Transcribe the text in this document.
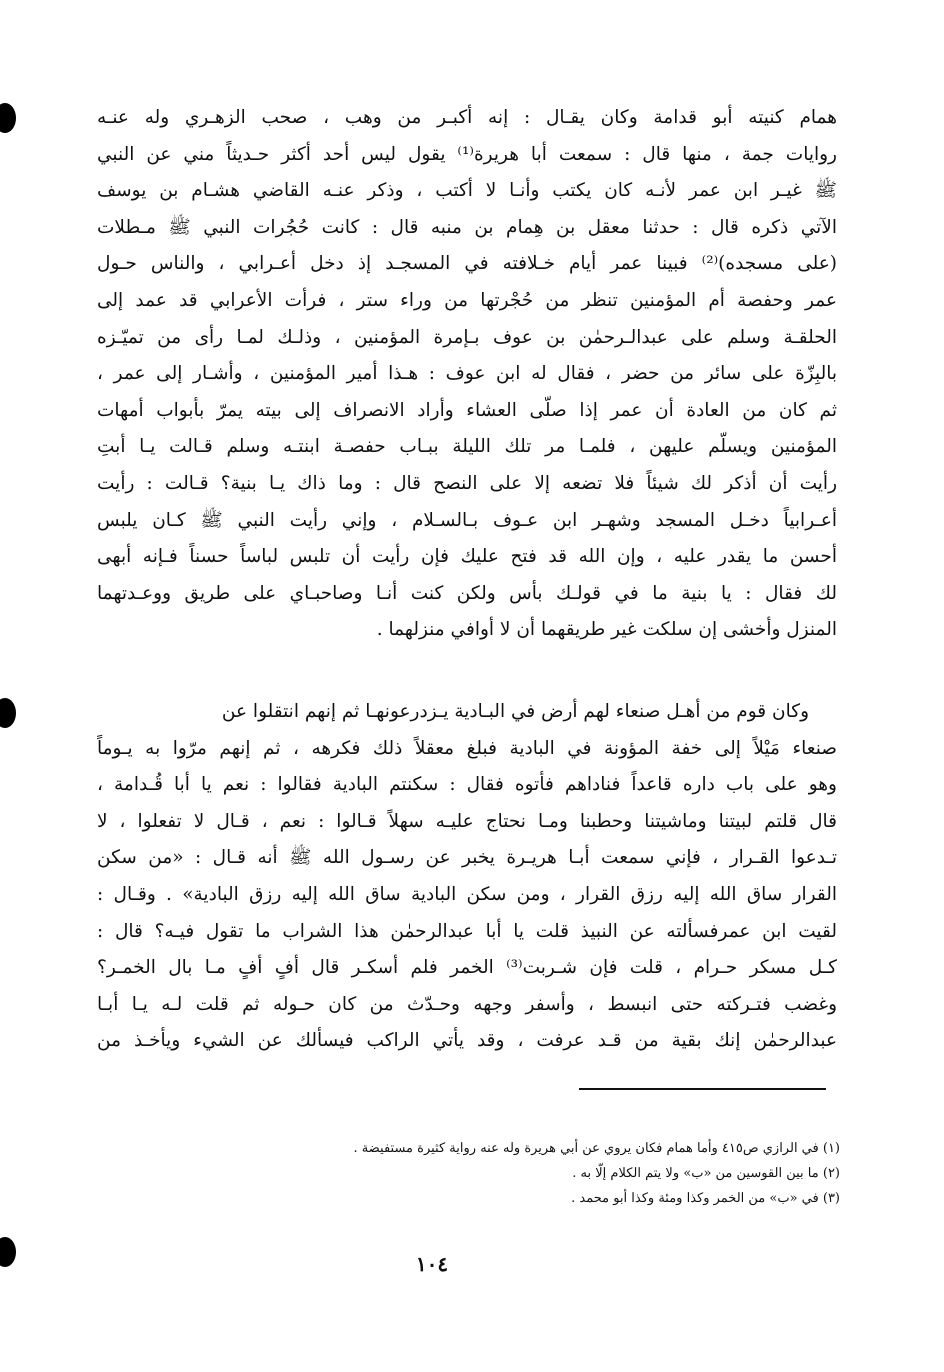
همام كنيته أبو قدامة وكان يقـال : إنه أكبـر من وهب ، صحب الزهـري وله عنـه
روايات جمة ، منها قال : سمعت أبا هريرة⁽¹⁾ يقول ليس أحد أكثر حـديثاً مني عن النبي
ﷺ غيـر ابن عمر لأنـه كان يكتب وأنـا لا أكتب ، وذكر عنـه القاضي هشـام بن يوسف
الآتي ذكره قال : حدثنا معقل بن هِمام بن منبه قال : كانت حُجُرات النبي ﷺ مـطلات
(على مسجده)⁽²⁾ فبينا عمر أيام خـلافته في المسجـد إذ دخل أعـرابي ، والناس حـول
عمر وحفصة أم المؤمنين تنظر من حُجْرتها من وراء ستر ، فرأت الأعرابي قد عمد إلى
الحلقـة وسلم على عبدالـرحمٰن بن عوف بـإمرة المؤمنين ، وذلـك لمـا رأى من تميّـزه
بالبِزّة على سائر من حضر ، فقال له ابن عوف : هـذا أمير المؤمنين ، وأشـار إلى عمر ،
ثم كان من العادة أن عمر إذا صلّى العشاء وأراد الانصراف إلى بيته يمرّ بأبواب أمهات
المؤمنين ويسلّم عليهن ، فلمـا مر تلك الليلة ببـاب حفصـة ابنتـه وسلم قـالت يـا أبتِ
رأيت أن أذكر لك شيئاً فلا تضعه إلا على النصح قال : وما ذاك يـا بنية؟ قـالت : رأيت
أعـرابياً دخـل المسجد وشهـر ابن عـوف بـالسـلام ، وإني رأيت النبي ﷺ كـان يلبس
أحسن ما يقدر عليه ، وإن الله قد فتح عليك فإن رأيت أن تلبس لباساً حسناً فـإنه أبهى
لك فقال : يا بنية ما في قولـك بأس ولكن كنت أنـا وصاحبـاي على طريق ووعـدتهما
المنزل وأخشى إن سلكت غير طريقهما أن لا أوافي منزلهما .
وكان قوم من أهـل صنعاء لهم أرض في البـادية يـزدرعونهـا ثم إنهم انتقلوا عن
صنعاء مَيْلاً إلى خفة المؤونة في البادية فبلغ معقلاً ذلك فكرهه ، ثم إنهم مرّوا به يـوماً
وهو على باب داره قاعداً فناداهم فأتوه فقال : سكنتم البادية فقالوا : نعم يا أبا قُـدامة ،
قال قلتم لبيتنا وماشيتنا وحطبنا ومـا نحتاج عليـه سهلاً قـالوا : نعم ، قـال لا تفعلوا ، لا
تـدعوا القـرار ، فإني سمعت أبـا هريـرة يخبر عن رسـول الله ﷺ أنه قـال : «من سكن
القرار ساق الله إليه رزق القرار ، ومن سكن البادية ساق الله إليه رزق البادية» . وقـال :
لقيت ابن عمرفسألته عن النبيذ قلت يا أبا عبدالرحمٰن هذا الشراب ما تقول فيـه؟ قال :
كـل مسكر حـرام ، قلت فإن شـربت⁽³⁾ الخمر فلم أسكـر قال أفٍ أفٍ مـا بال الخمـر؟
وغضب فتـركته حتى انبسط ، وأسفر وجهه وحـدّث من كان حـوله ثم قلت لـه يـا أبـا
عبدالرحمٰن إنك بقية من قـد عرفت ، وقد يأتي الراكب فيسألك عن الشيء ويأخـذ من
(١) في الرازي ص٤١٥ وأما همام فكان يروي عن أبي هريرة وله عنه رواية كثيرة مستفيضة .
(٢) ما بين القوسين من «ب» ولا يتم الكلام إلّا به .
(٣) في «ب» من الخمر وكذا ومئة وكذا أبو محمد .
١٠٤
